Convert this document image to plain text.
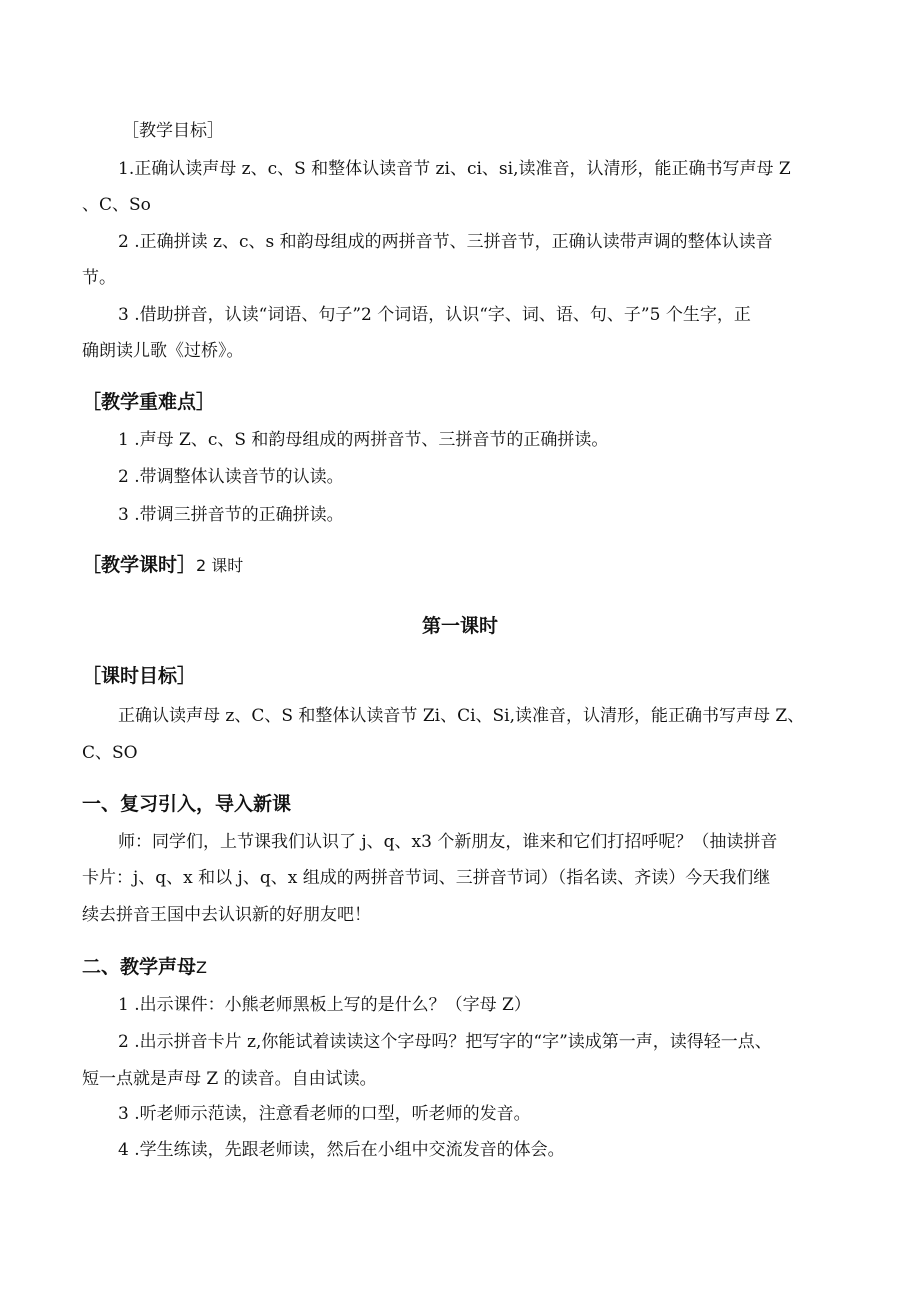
［教学目标］
1.正确认读声母 z、c、S 和整体认读音节 zi、ci、si,读准音，认清形，能正确书写声母 Z
、C、So
2 .正确拼读 z、c、s 和韵母组成的两拼音节、三拼音节，正确认读带声调的整体认读音
节。
3 .借助拼音，认读“词语、句子”2 个词语，认识“字、词、语、句、子”5 个生字，正
确朗读儿歌《过桥》。
［教学重难点］
1 .声母 Z、c、S 和韵母组成的两拼音节、三拼音节的正确拼读。
2 .带调整体认读音节的认读。
3 .带调三拼音节的正确拼读。
［教学课时］2 课时
第一课时
［课时目标］
正确认读声母 z、C、S 和整体认读音节 Zi、Ci、Si,读准音，认清形，能正确书写声母 Z、
C、SO
一、复习引入，导入新课
师：同学们，上节课我们认识了 j、q、x3 个新朋友，谁来和它们打招呼呢？（抽读拼音
卡片：j、q、x 和以 j、q、x 组成的两拼音节词、三拼音节词）（指名读、齐读）今天我们继
续去拼音王国中去认识新的好朋友吧！
二、教学声母Z
1 .出示课件：小熊老师黑板上写的是什么？（字母 Z）
2 .出示拼音卡片 z,你能试着读读这个字母吗？把写字的“字”读成第一声，读得轻一点、
短一点就是声母 Z 的读音。自由试读。
3 .听老师示范读，注意看老师的口型，听老师的发音。
4 .学生练读，先跟老师读，然后在小组中交流发音的体会。
